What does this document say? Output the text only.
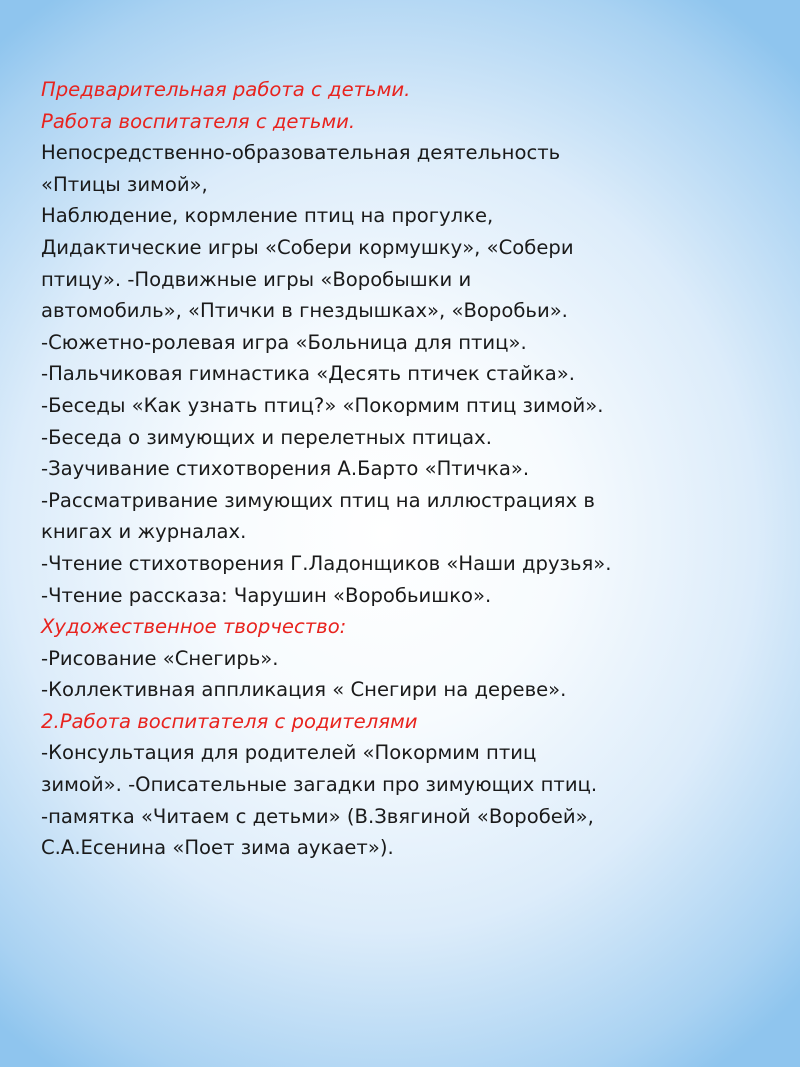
Предварительная работа с детьми.
Работа воспитателя с детьми.
Непосредственно-образовательная деятельность
«Птицы зимой»,
Наблюдение, кормление птиц на прогулке,
Дидактические игры «Собери кормушку», «Собери
птицу». -Подвижные игры «Воробышки и
автомобиль», «Птички в гнездышках», «Воробьи».
-Сюжетно-ролевая игра «Больница для птиц».
-Пальчиковая гимнастика «Десять птичек стайка».
-Беседы «Как узнать птиц?» «Покормим птиц зимой».
-Беседа о зимующих и перелетных птицах.
-Заучивание стихотворения А.Барто «Птичка».
-Рассматривание зимующих птиц на иллюстрациях в
книгах и журналах.
-Чтение стихотворения Г.Ладонщиков «Наши друзья».
-Чтение рассказа: Чарушин «Воробьишко».
Художественное творчество:
-Рисование «Снегирь».
-Коллективная аппликация « Снегири на дереве».
2.Работа воспитателя с родителями
-Консультация для родителей «Покормим птиц
зимой». -Описательные загадки про зимующих птиц.
-памятка «Читаем с детьми» (В.Звягиной «Воробей»,
С.А.Есенина «Поет зима аукает»).
